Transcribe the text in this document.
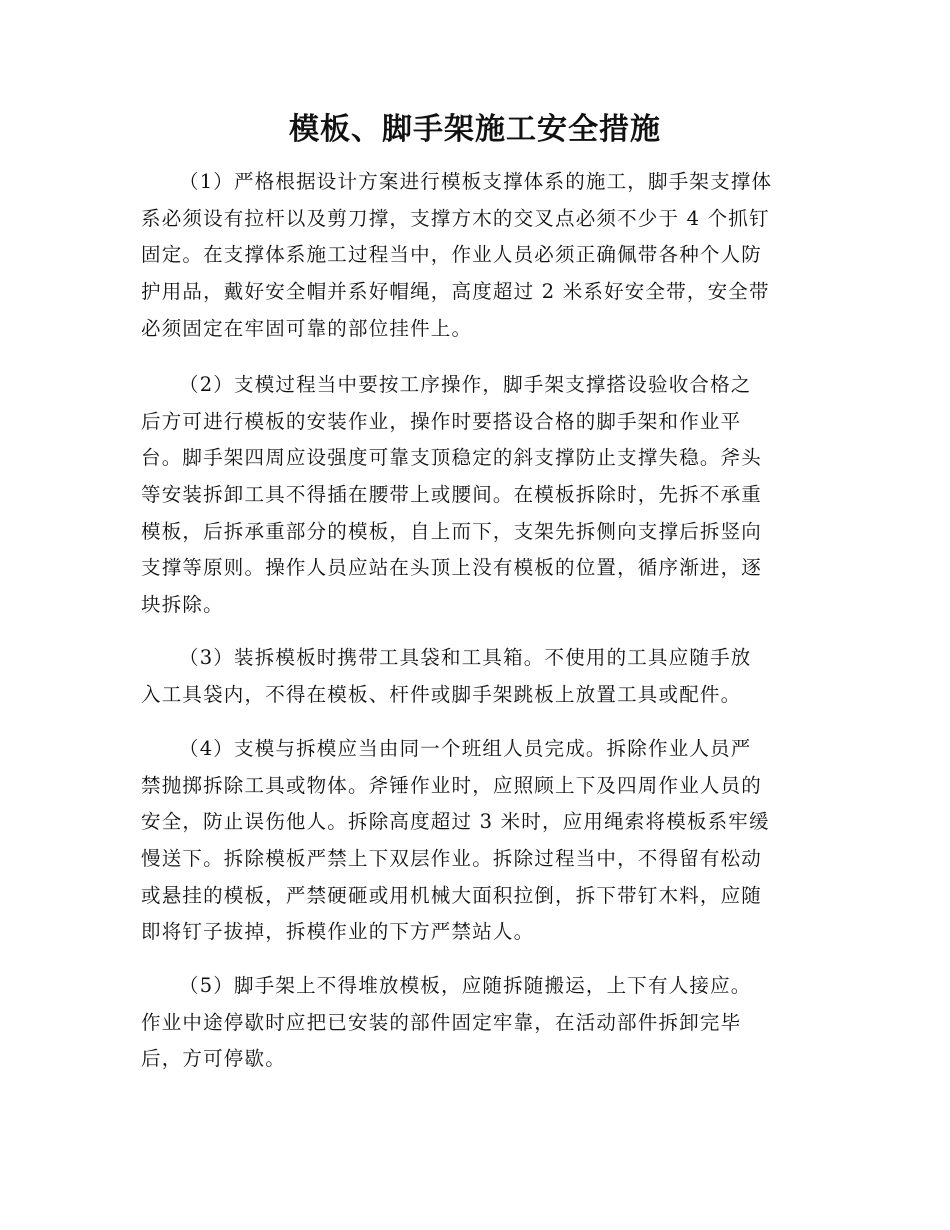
模板、脚手架施工安全措施
（1）严格根据设计方案进行模板支撑体系的施工，脚手架支撑体
系必须设有拉杆以及剪刀撑，支撑方木的交叉点必须不少于 4 个抓钉
固定。在支撑体系施工过程当中，作业人员必须正确佩带各种个人防
护用品，戴好安全帽并系好帽绳，高度超过 2 米系好安全带，安全带
必须固定在牢固可靠的部位挂件上。
（2）支模过程当中要按工序操作，脚手架支撑搭设验收合格之
后方可进行模板的安装作业，操作时要搭设合格的脚手架和作业平
台。脚手架四周应设强度可靠支顶稳定的斜支撑防止支撑失稳。斧头
等安装拆卸工具不得插在腰带上或腰间。在模板拆除时，先拆不承重
模板，后拆承重部分的模板，自上而下，支架先拆侧向支撑后拆竖向
支撑等原则。操作人员应站在头顶上没有模板的位置，循序渐进，逐
块拆除。
（3）装拆模板时携带工具袋和工具箱。不使用的工具应随手放
入工具袋内，不得在模板、杆件或脚手架跳板上放置工具或配件。
（4）支模与拆模应当由同一个班组人员完成。拆除作业人员严
禁抛掷拆除工具或物体。斧锤作业时，应照顾上下及四周作业人员的
安全，防止误伤他人。拆除高度超过 3 米时，应用绳索将模板系牢缓
慢送下。拆除模板严禁上下双层作业。拆除过程当中，不得留有松动
或悬挂的模板，严禁硬砸或用机械大面积拉倒，拆下带钉木料，应随
即将钉子拔掉，拆模作业的下方严禁站人。
（5）脚手架上不得堆放模板，应随拆随搬运，上下有人接应。
作业中途停歇时应把已安装的部件固定牢靠，在活动部件拆卸完毕
后，方可停歇。
